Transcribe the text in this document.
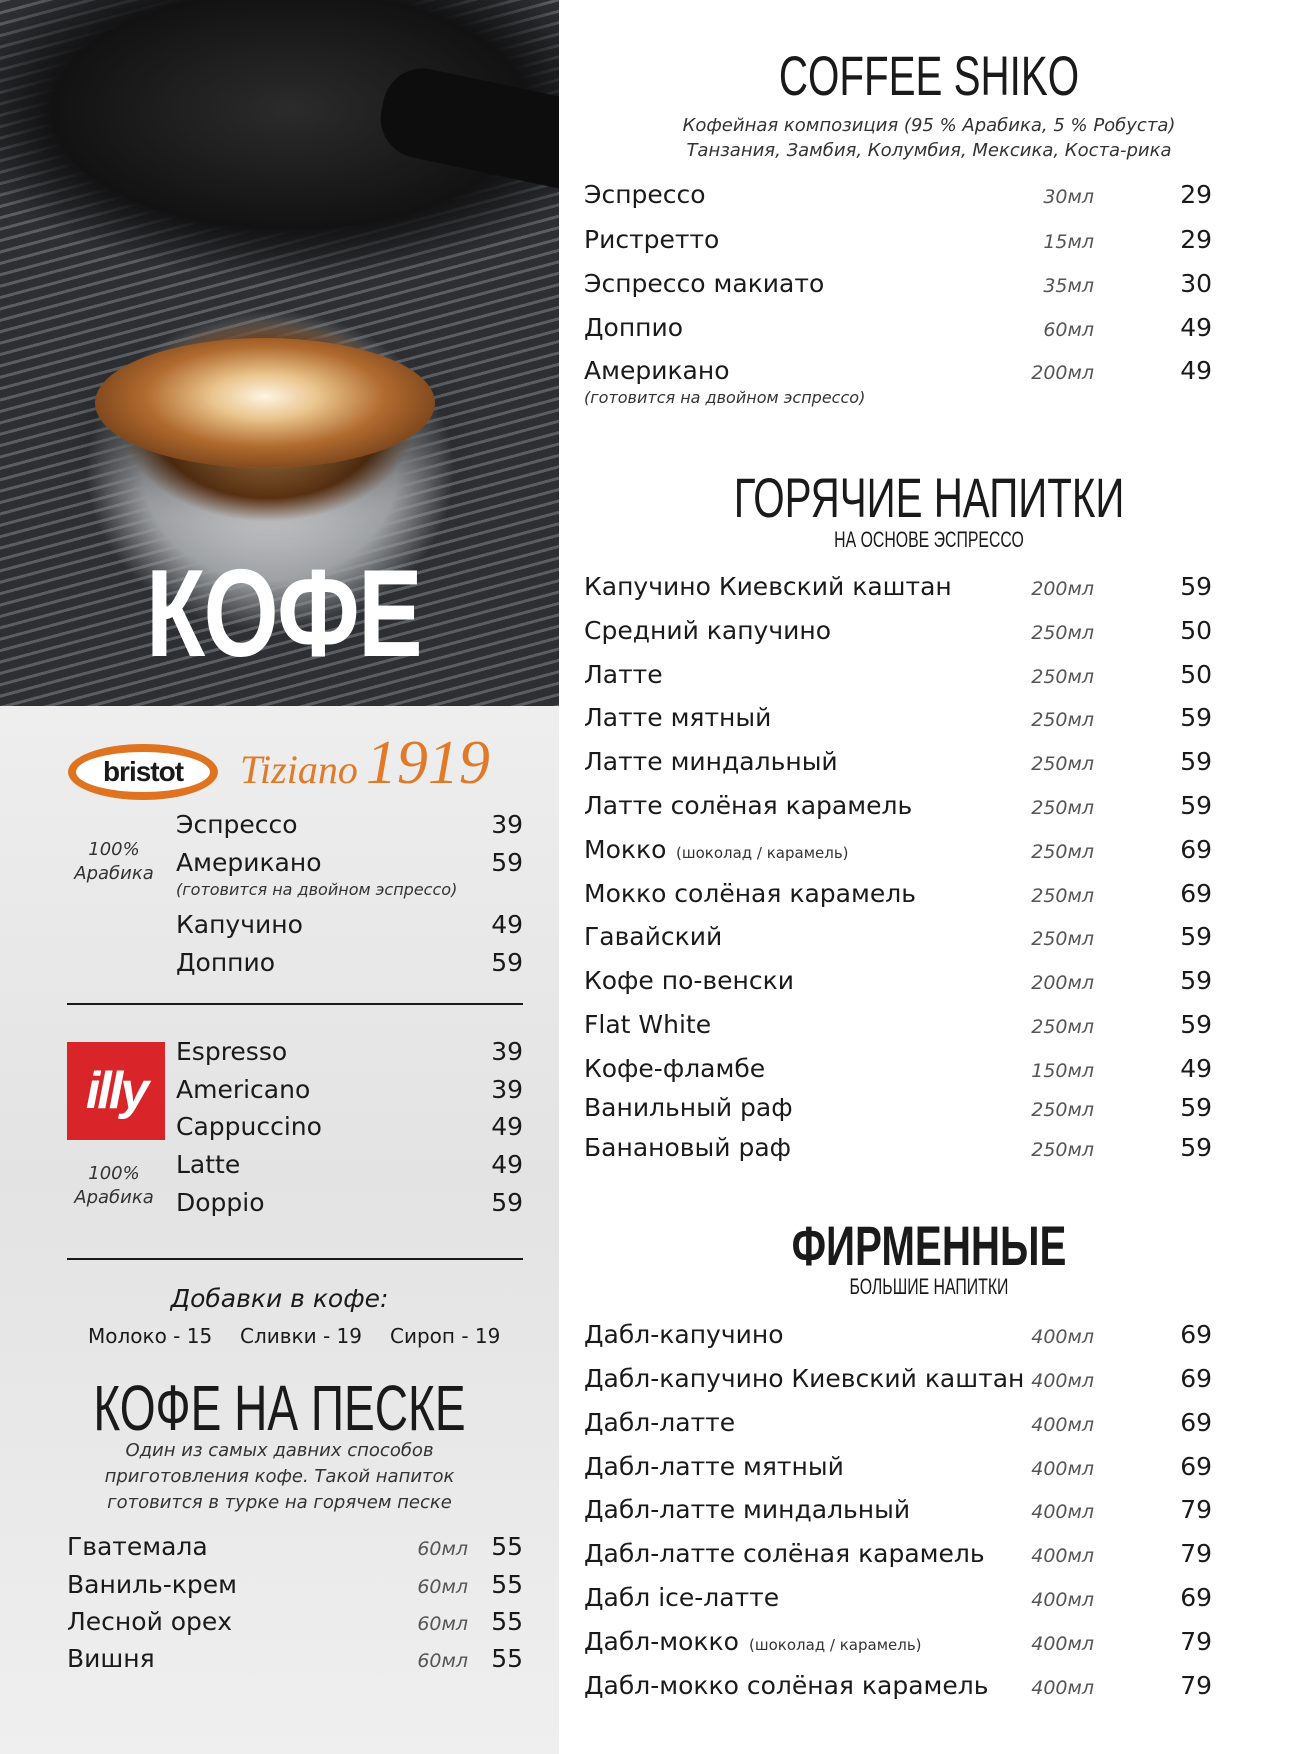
КОФЕ
bristot	Tiziano 1919
100%
Арабика
Эспрессо	39
Американо	59
(готовится на двойном эспрессо)
Капучино	49
Доппио	59
illy
100%
Арабика
Espresso	39
Americano	39
Cappuccino	49
Latte	49
Doppio	59
Добавки в кофе:
Молоко - 15 Сливки - 19 Сироп - 19
КОФЕ НА ПЕСКЕ
Один из самых давних способов
приготовления кофе. Такой напиток
готовится в турке на горячем песке
Гватемала	60мл 55
Ваниль-крем	60мл 55
Лесной орех	60мл 55
Вишня	60мл 55
COFFEE SHIKO
Кофейная композиция (95 % Арабика, 5 % Робуста)
Танзания, Замбия, Колумбия, Мексика, Коста-рика
Эспрессо	30мл	29
Ристретто	15мл	29
Эспрессо макиато	35мл	30
Доппио	60мл	49
Американо	200мл	49
(готовится на двойном эспрессо)
ГОРЯЧИЕ НАПИТКИ
НА ОСНОВЕ ЭСПРЕССО
Капучино Киевский каштан	200мл	59
Средний капучино	250мл	50
Латте	250мл	50
Латте мятный	250мл	59
Латте миндальный	250мл	59
Латте солёная карамель	250мл	59
Мокко (шоколад / карамель)	250мл	69
Мокко солёная карамель	250мл	69
Гавайский	250мл	59
Кофе по-венски	200мл	59
Flat White	250мл	59
Кофе-фламбе	150мл	49
Ванильный раф	250мл	59
Банановый раф	250мл	59
ФИРМЕННЫЕ
БОЛЬШИЕ НАПИТКИ
Дабл-капучино	400мл	69
Дабл-капучино Киевский каштан 400мл	69
Дабл-латте	400мл	69
Дабл-латте мятный	400мл	69
Дабл-латте миндальный	400мл	79
Дабл-латте солёная карамель	400мл	79
Дабл ice-латте	400мл	69
Дабл-мокко (шоколад / карамель)	400мл	79
Дабл-мокко солёная карамель	400мл	79
